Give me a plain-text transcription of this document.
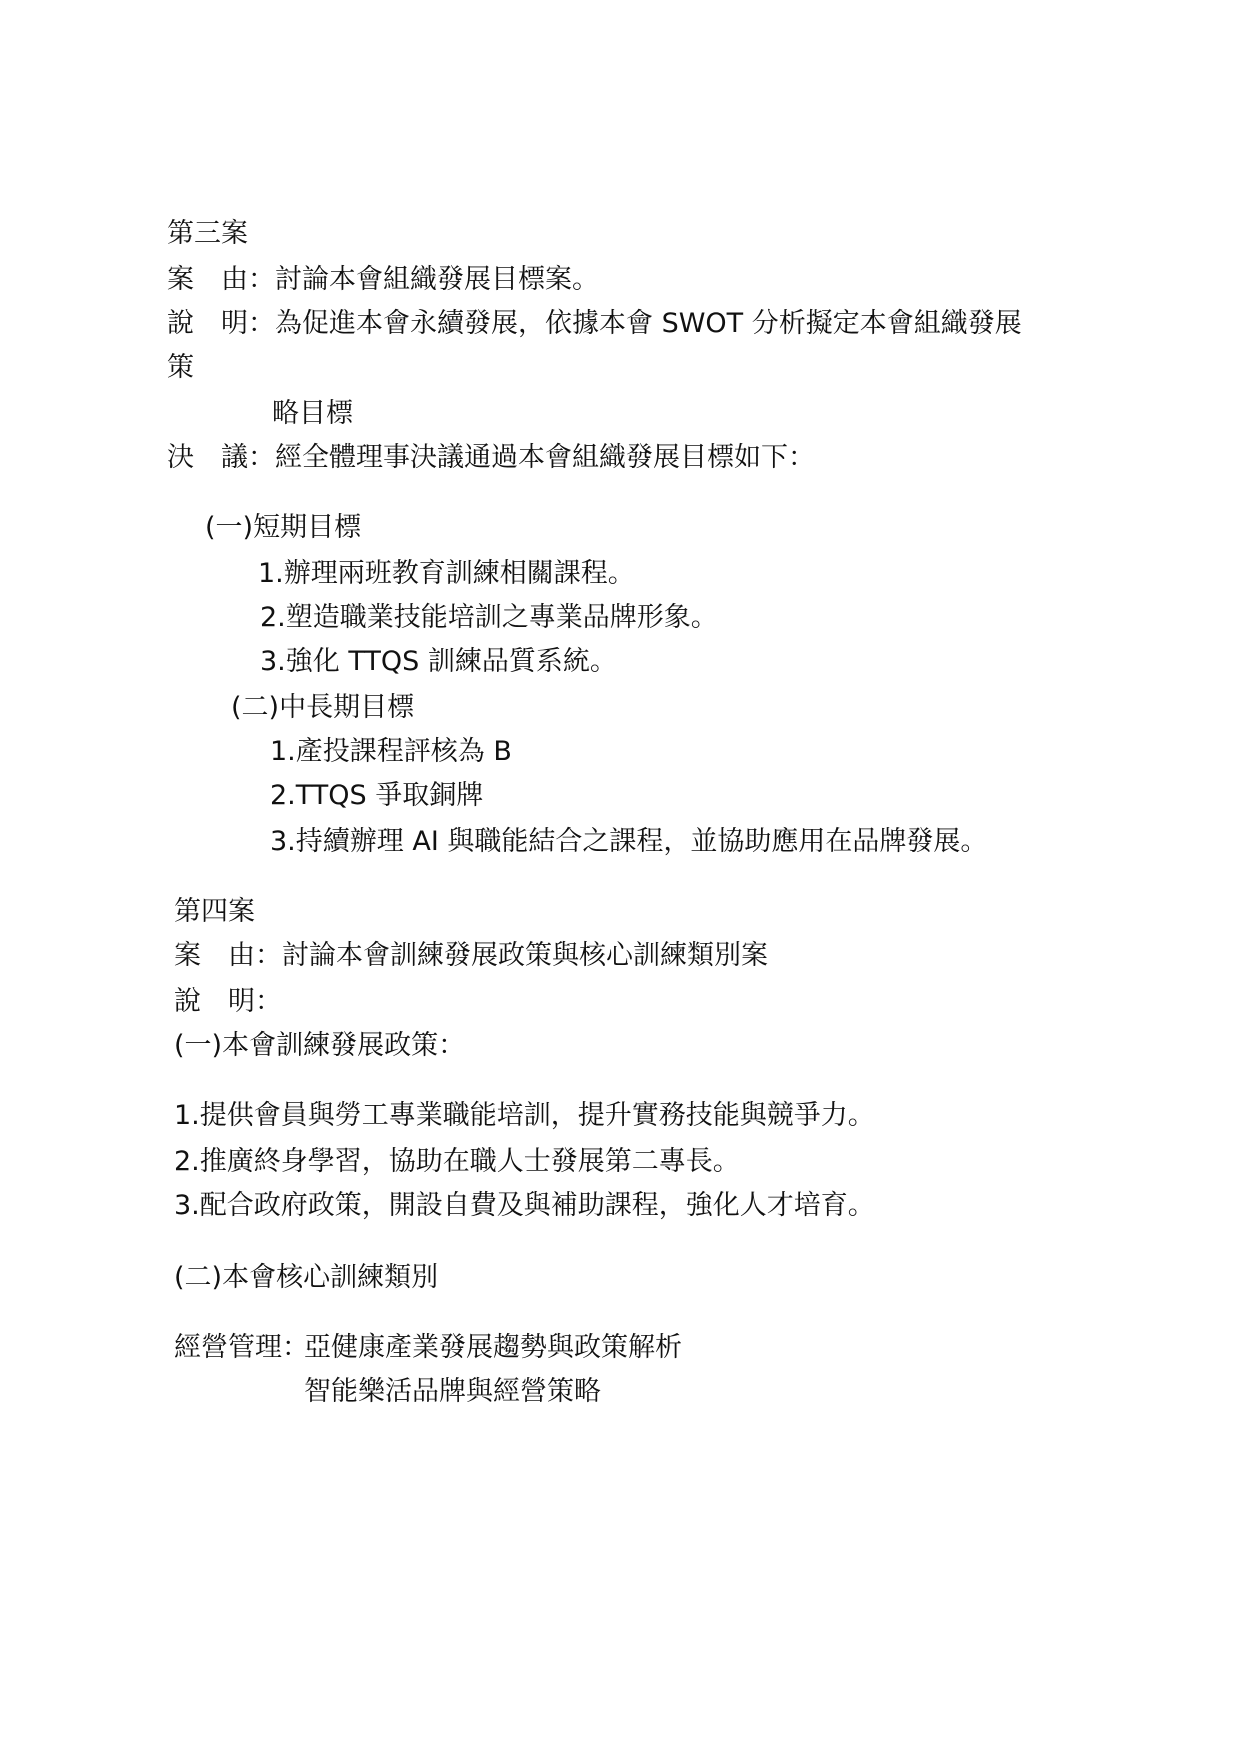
第三案
案　由：討論本會組織發展目標案。
說　明：為促進本會永續發展，依據本會 SWOT 分析擬定本會組織發展
策
略目標
決　議：經全體理事決議通過本會組織發展目標如下：
(一)短期目標
1.辦理兩班教育訓練相關課程。
2.塑造職業技能培訓之專業品牌形象。
3.強化 TTQS 訓練品質系統。
(二)中長期目標
1.產投課程評核為 B
2.TTQS 爭取銅牌
3.持續辦理 AI 與職能結合之課程，並協助應用在品牌發展。
第四案
案　由：討論本會訓練發展政策與核心訓練類別案
說　明：
(一)本會訓練發展政策：
1.提供會員與勞工專業職能培訓，提升實務技能與競爭力。
2.推廣終身學習，協助在職人士發展第二專長。
3.配合政府政策，開設自費及與補助課程，強化人才培育。
(二)本會核心訓練類別
經營管理：亞健康產業發展趨勢與政策解析
智能樂活品牌與經營策略
